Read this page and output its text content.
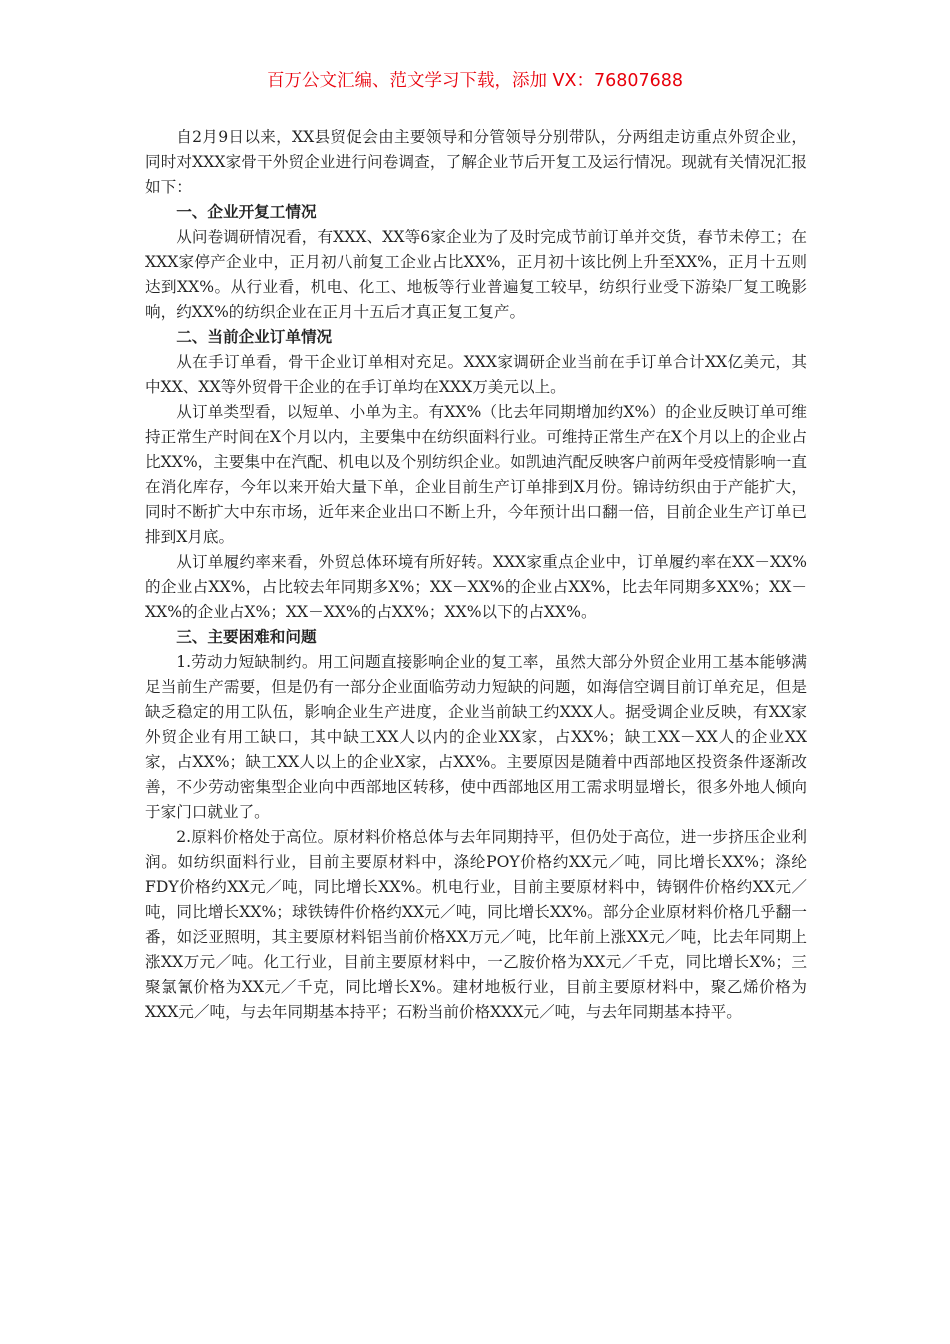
百万公文汇编、范文学习下载，添加 VX：76807688

自2月9日以来，XX县贸促会由主要领导和分管领导分别带队，分两组走访重点外贸企业，同时对XXX家骨干外贸企业进行问卷调查，了解企业节后开复工及运行情况。现就有关情况汇报如下：

一、企业开复工情况

从问卷调研情况看，有XXX、XX等6家企业为了及时完成节前订单并交货，春节未停工；在XXX家停产企业中，正月初八前复工企业占比XX%，正月初十该比例上升至XX%，正月十五则达到XX%。从行业看，机电、化工、地板等行业普遍复工较早，纺织行业受下游染厂复工晚影响，约XX%的纺织企业在正月十五后才真正复工复产。

二、当前企业订单情况

从在手订单看，骨干企业订单相对充足。XXX家调研企业当前在手订单合计XX亿美元，其中XX、XX等外贸骨干企业的在手订单均在XXX万美元以上。

从订单类型看，以短单、小单为主。有XX%（比去年同期增加约X%）的企业反映订单可维持正常生产时间在X个月以内，主要集中在纺织面料行业。可维持正常生产在X个月以上的企业占比XX%，主要集中在汽配、机电以及个别纺织企业。如凯迪汽配反映客户前两年受疫情影响一直在消化库存，今年以来开始大量下单，企业目前生产订单排到X月份。锦诗纺织由于产能扩大，同时不断扩大中东市场，近年来企业出口不断上升，今年预计出口翻一倍，目前企业生产订单已排到X月底。

从订单履约率来看，外贸总体环境有所好转。XXX家重点企业中，订单履约率在XX－XX%的企业占XX%，占比较去年同期多X%；XX－XX%的企业占XX%，比去年同期多XX%；XX－XX%的企业占X%；XX－XX%的占XX%；XX%以下的占XX%。

三、主要困难和问题

1.劳动力短缺制约。用工问题直接影响企业的复工率，虽然大部分外贸企业用工基本能够满足当前生产需要，但是仍有一部分企业面临劳动力短缺的问题，如海信空调目前订单充足，但是缺乏稳定的用工队伍，影响企业生产进度，企业当前缺工约XXX人。据受调企业反映，有XX家外贸企业有用工缺口，其中缺工XX人以内的企业XX家，占XX%；缺工XX－XX人的企业XX家，占XX%；缺工XX人以上的企业X家，占XX%。主要原因是随着中西部地区投资条件逐渐改善，不少劳动密集型企业向中西部地区转移，使中西部地区用工需求明显增长，很多外地人倾向于家门口就业了。

2.原料价格处于高位。原材料价格总体与去年同期持平，但仍处于高位，进一步挤压企业利润。如纺织面料行业，目前主要原材料中，涤纶POY价格约XX元／吨，同比增长XX%；涤纶FDY价格约XX元／吨，同比增长XX%。机电行业，目前主要原材料中，铸钢件价格约XX元／吨，同比增长XX%；球铁铸件价格约XX元／吨，同比增长XX%。部分企业原材料价格几乎翻一番，如泛亚照明，其主要原材料铝当前价格XX万元／吨，比年前上涨XX元／吨，比去年同期上涨XX万元／吨。化工行业，目前主要原材料中，一乙胺价格为XX元／千克，同比增长X%；三聚氯氰价格为XX元／千克，同比增长X%。建材地板行业，目前主要原材料中，聚乙烯价格为XXX元／吨，与去年同期基本持平；石粉当前价格XXX元／吨，与去年同期基本持平。
